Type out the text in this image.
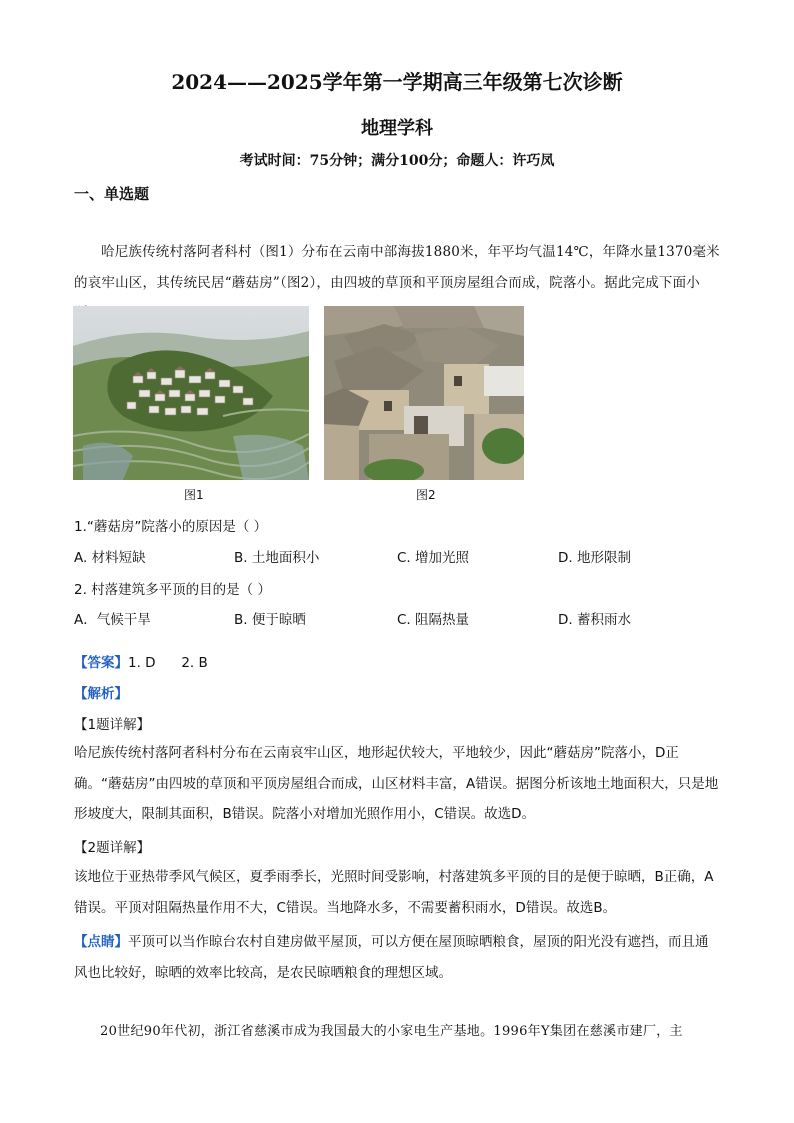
2024——2025学年第一学期高三年级第七次诊断
地理学科
考试时间：75分钟；满分100分；命题人：许巧凤
一、单选题
哈尼族传统村落阿者科村（图1）分布在云南中部海拔1880米，年平均气温14℃，年降水量1370毫米的哀牢山区，其传统民居“蘑菇房”（图2），由四坡的草顶和平顶房屋组合而成，院落小。据此完成下面小
图1	图2
1.“蘑菇房”院落小的原因是（ ）
A. 材料短缺	B. 土地面积小	C. 增加光照	D. 地形限制
2. 村落建筑多平顶的目的是（ ）
A．气候干旱	B. 便于晾晒	C. 阻隔热量	D. 蓄积雨水
【答案】1. D      2. B
【解析】
【1题详解】
哈尼族传统村落阿者科村分布在云南哀牢山区，地形起伏较大，平地较少，因此“蘑菇房”院落小，D正确。“蘑菇房”由四坡的草顶和平顶房屋组合而成，山区材料丰富，A错误。据图分析该地土地面积大，只是地形坡度大，限制其面积，B错误。院落小对增加光照作用小，C错误。故选D。
【2题详解】
该地位于亚热带季风气候区，夏季雨季长，光照时间受影响，村落建筑多平顶的目的是便于晾晒，B正确，A错误。平顶对阻隔热量作用不大，C错误。当地降水多，不需要蓄积雨水，D错误。故选B。
【点睛】平顶可以当作晾台农村自建房做平屋顶，可以方便在屋顶晾晒粮食，屋顶的阳光没有遮挡，而且通风也比较好，晾晒的效率比较高，是农民晾晒粮食的理想区域。
20世纪90年代初，浙江省慈溪市成为我国最大的小家电生产基地。1996年Y集团在慈溪市建厂，主
